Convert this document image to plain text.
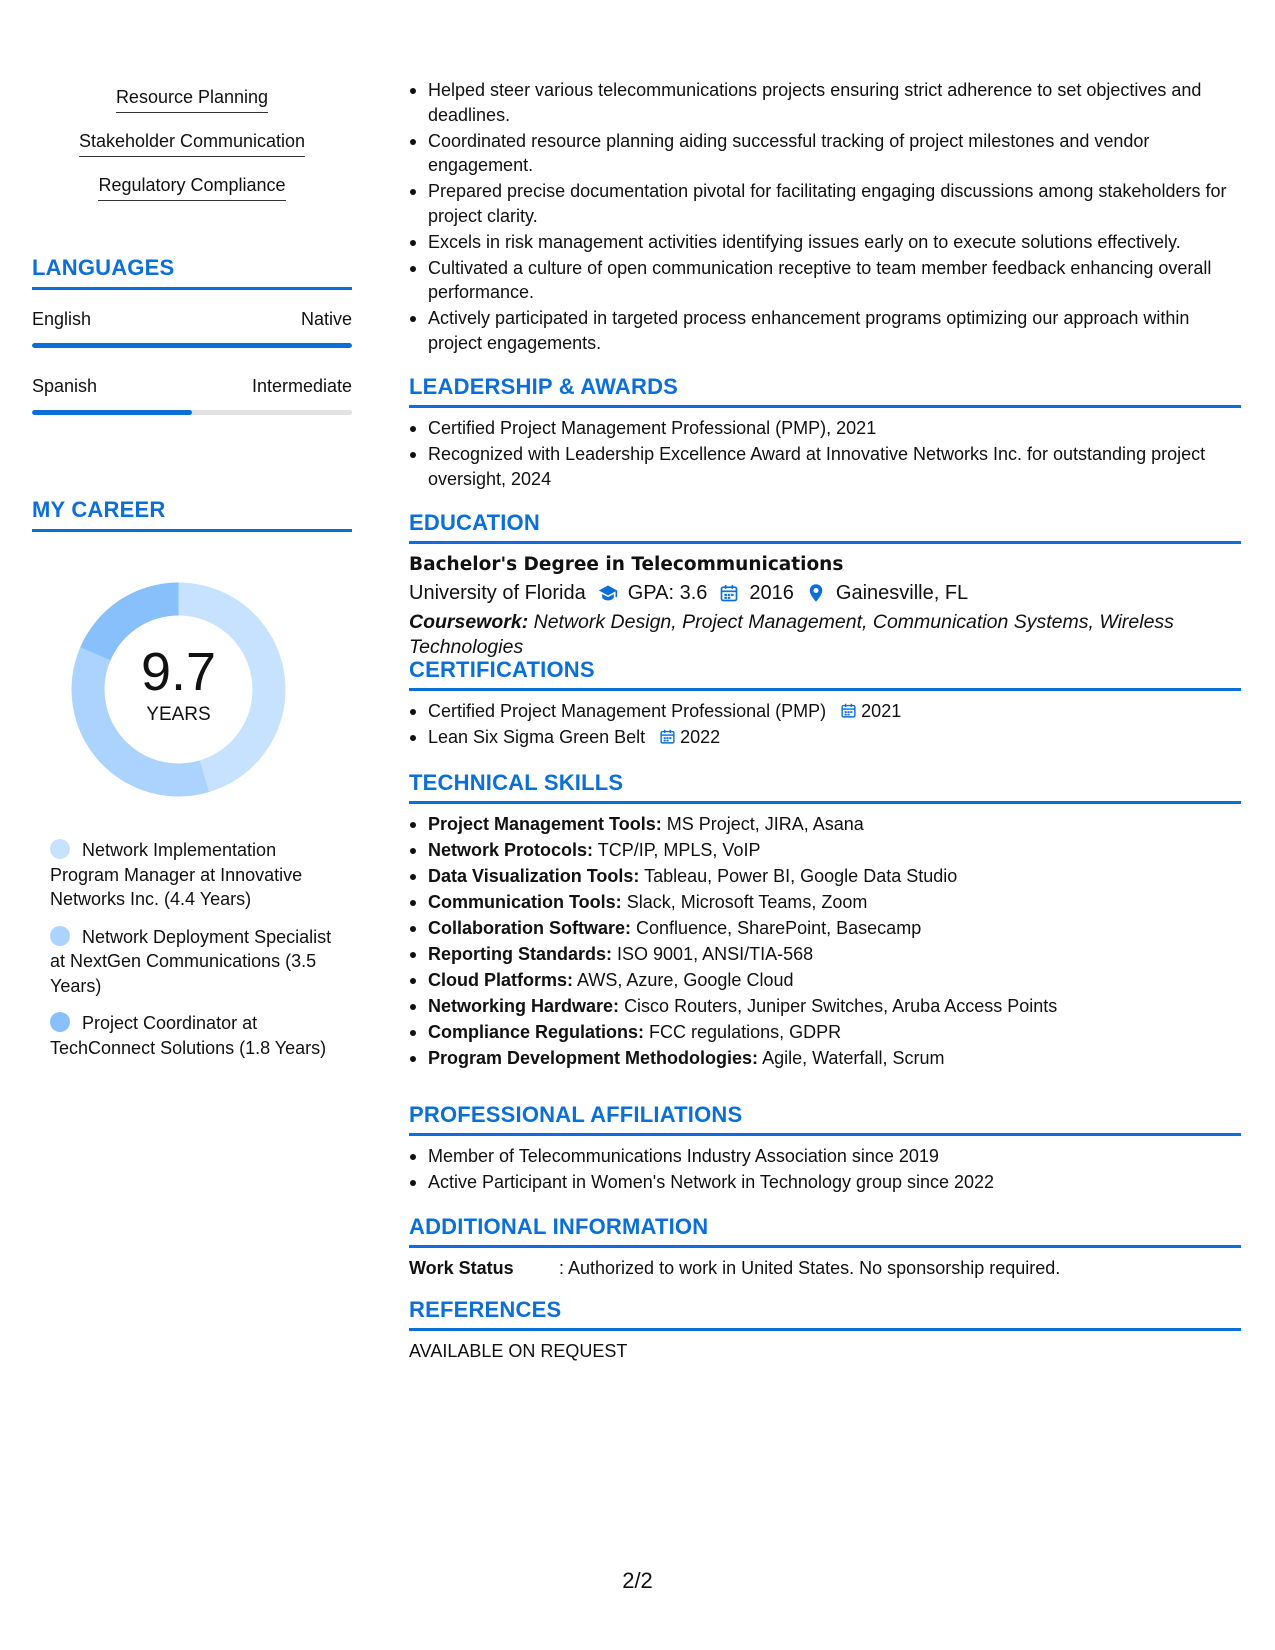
Resource Planning
Stakeholder Communication
Regulatory Compliance
LANGUAGES
English	Native
Spanish	Intermediate
MY CAREER
9.7
YEARS
Network Implementation Program Manager at Innovative Networks Inc. (4.4 Years)
Network Deployment Specialist at NextGen Communications (3.5 Years)
Project Coordinator at TechConnect Solutions (1.8 Years)
Helped steer various telecommunications projects ensuring strict adherence to set objectives and deadlines.
Coordinated resource planning aiding successful tracking of project milestones and vendor engagement.
Prepared precise documentation pivotal for facilitating engaging discussions among stakeholders for project clarity.
Excels in risk management activities identifying issues early on to execute solutions effectively.
Cultivated a culture of open communication receptive to team member feedback enhancing overall performance.
Actively participated in targeted process enhancement programs optimizing our approach within project engagements.
LEADERSHIP & AWARDS
Certified Project Management Professional (PMP), 2021
Recognized with Leadership Excellence Award at Innovative Networks Inc. for outstanding project oversight, 2024
EDUCATION
Bachelor's Degree in Telecommunications
University of Florida GPA: 3.6 2016 Gainesville, FL
Coursework: Network Design, Project Management, Communication Systems, Wireless Technologies
CERTIFICATIONS
Certified Project Management Professional (PMP) 2021
Lean Six Sigma Green Belt 2022
TECHNICAL SKILLS
Project Management Tools: MS Project, JIRA, Asana
Network Protocols: TCP/IP, MPLS, VoIP
Data Visualization Tools: Tableau, Power BI, Google Data Studio
Communication Tools: Slack, Microsoft Teams, Zoom
Collaboration Software: Confluence, SharePoint, Basecamp
Reporting Standards: ISO 9001, ANSI/TIA-568
Cloud Platforms: AWS, Azure, Google Cloud
Networking Hardware: Cisco Routers, Juniper Switches, Aruba Access Points
Compliance Regulations: FCC regulations, GDPR
Program Development Methodologies: Agile, Waterfall, Scrum
PROFESSIONAL AFFILIATIONS
Member of Telecommunications Industry Association since 2019
Active Participant in Women's Network in Technology group since 2022
ADDITIONAL INFORMATION
Work Status	: Authorized to work in United States. No sponsorship required.
REFERENCES
AVAILABLE ON REQUEST
2/2
